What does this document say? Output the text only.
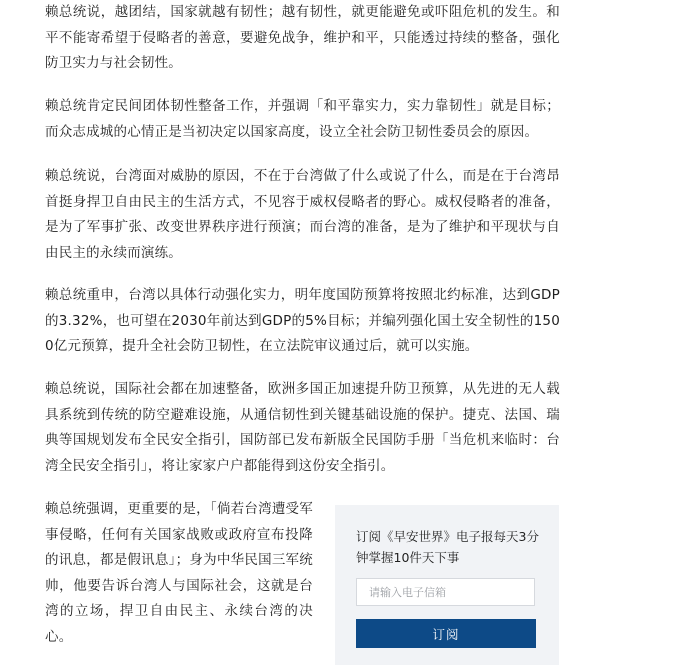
赖总统说，越团结，国家就越有韧性；越有韧性，就更能避免或吓阻危机的发生。和平不能寄希望于侵略者的善意，要避免战争，维护和平，只能透过持续的整备，强化防卫实力与社会韧性。

赖总统肯定民间团体韧性整备工作，并强调「和平靠实力，实力靠韧性」就是目标；而众志成城的心情正是当初决定以国家高度，设立全社会防卫韧性委员会的原因。

赖总统说，台湾面对威胁的原因，不在于台湾做了什么或说了什么，而是在于台湾昂首挺身捍卫自由民主的生活方式，不见容于威权侵略者的野心。威权侵略者的准备，是为了军事扩张、改变世界秩序进行预演；而台湾的准备，是为了维护和平现状与自由民主的永续而演练。

赖总统重申，台湾以具体行动强化实力，明年度国防预算将按照北约标准，达到GDP的3.32%，也可望在2030年前达到GDP的5%目标；并编列强化国土安全韧性的1500亿元预算，提升全社会防卫韧性，在立法院审议通过后，就可以实施。

赖总统说，国际社会都在加速整备，欧洲多国正加速提升防卫预算，从先进的无人载具系统到传统的防空避难设施，从通信韧性到关键基础设施的保护。捷克、法国、瑞典等国规划发布全民安全指引，国防部已发布新版全民国防手册「当危机来临时：台湾全民安全指引」，将让家家户户都能得到这份安全指引。

赖总统强调，更重要的是，「倘若台湾遭受军事侵略，任何有关国家战败或政府宣布投降的讯息，都是假讯息」；身为中华民国三军统帅，他要告诉台湾人与国际社会，这就是台湾的立场，捍卫自由民主、永续台湾的决心。

订阅《早安世界》电子报每天3分钟掌握10件天下事

请输入电子信箱
订阅
